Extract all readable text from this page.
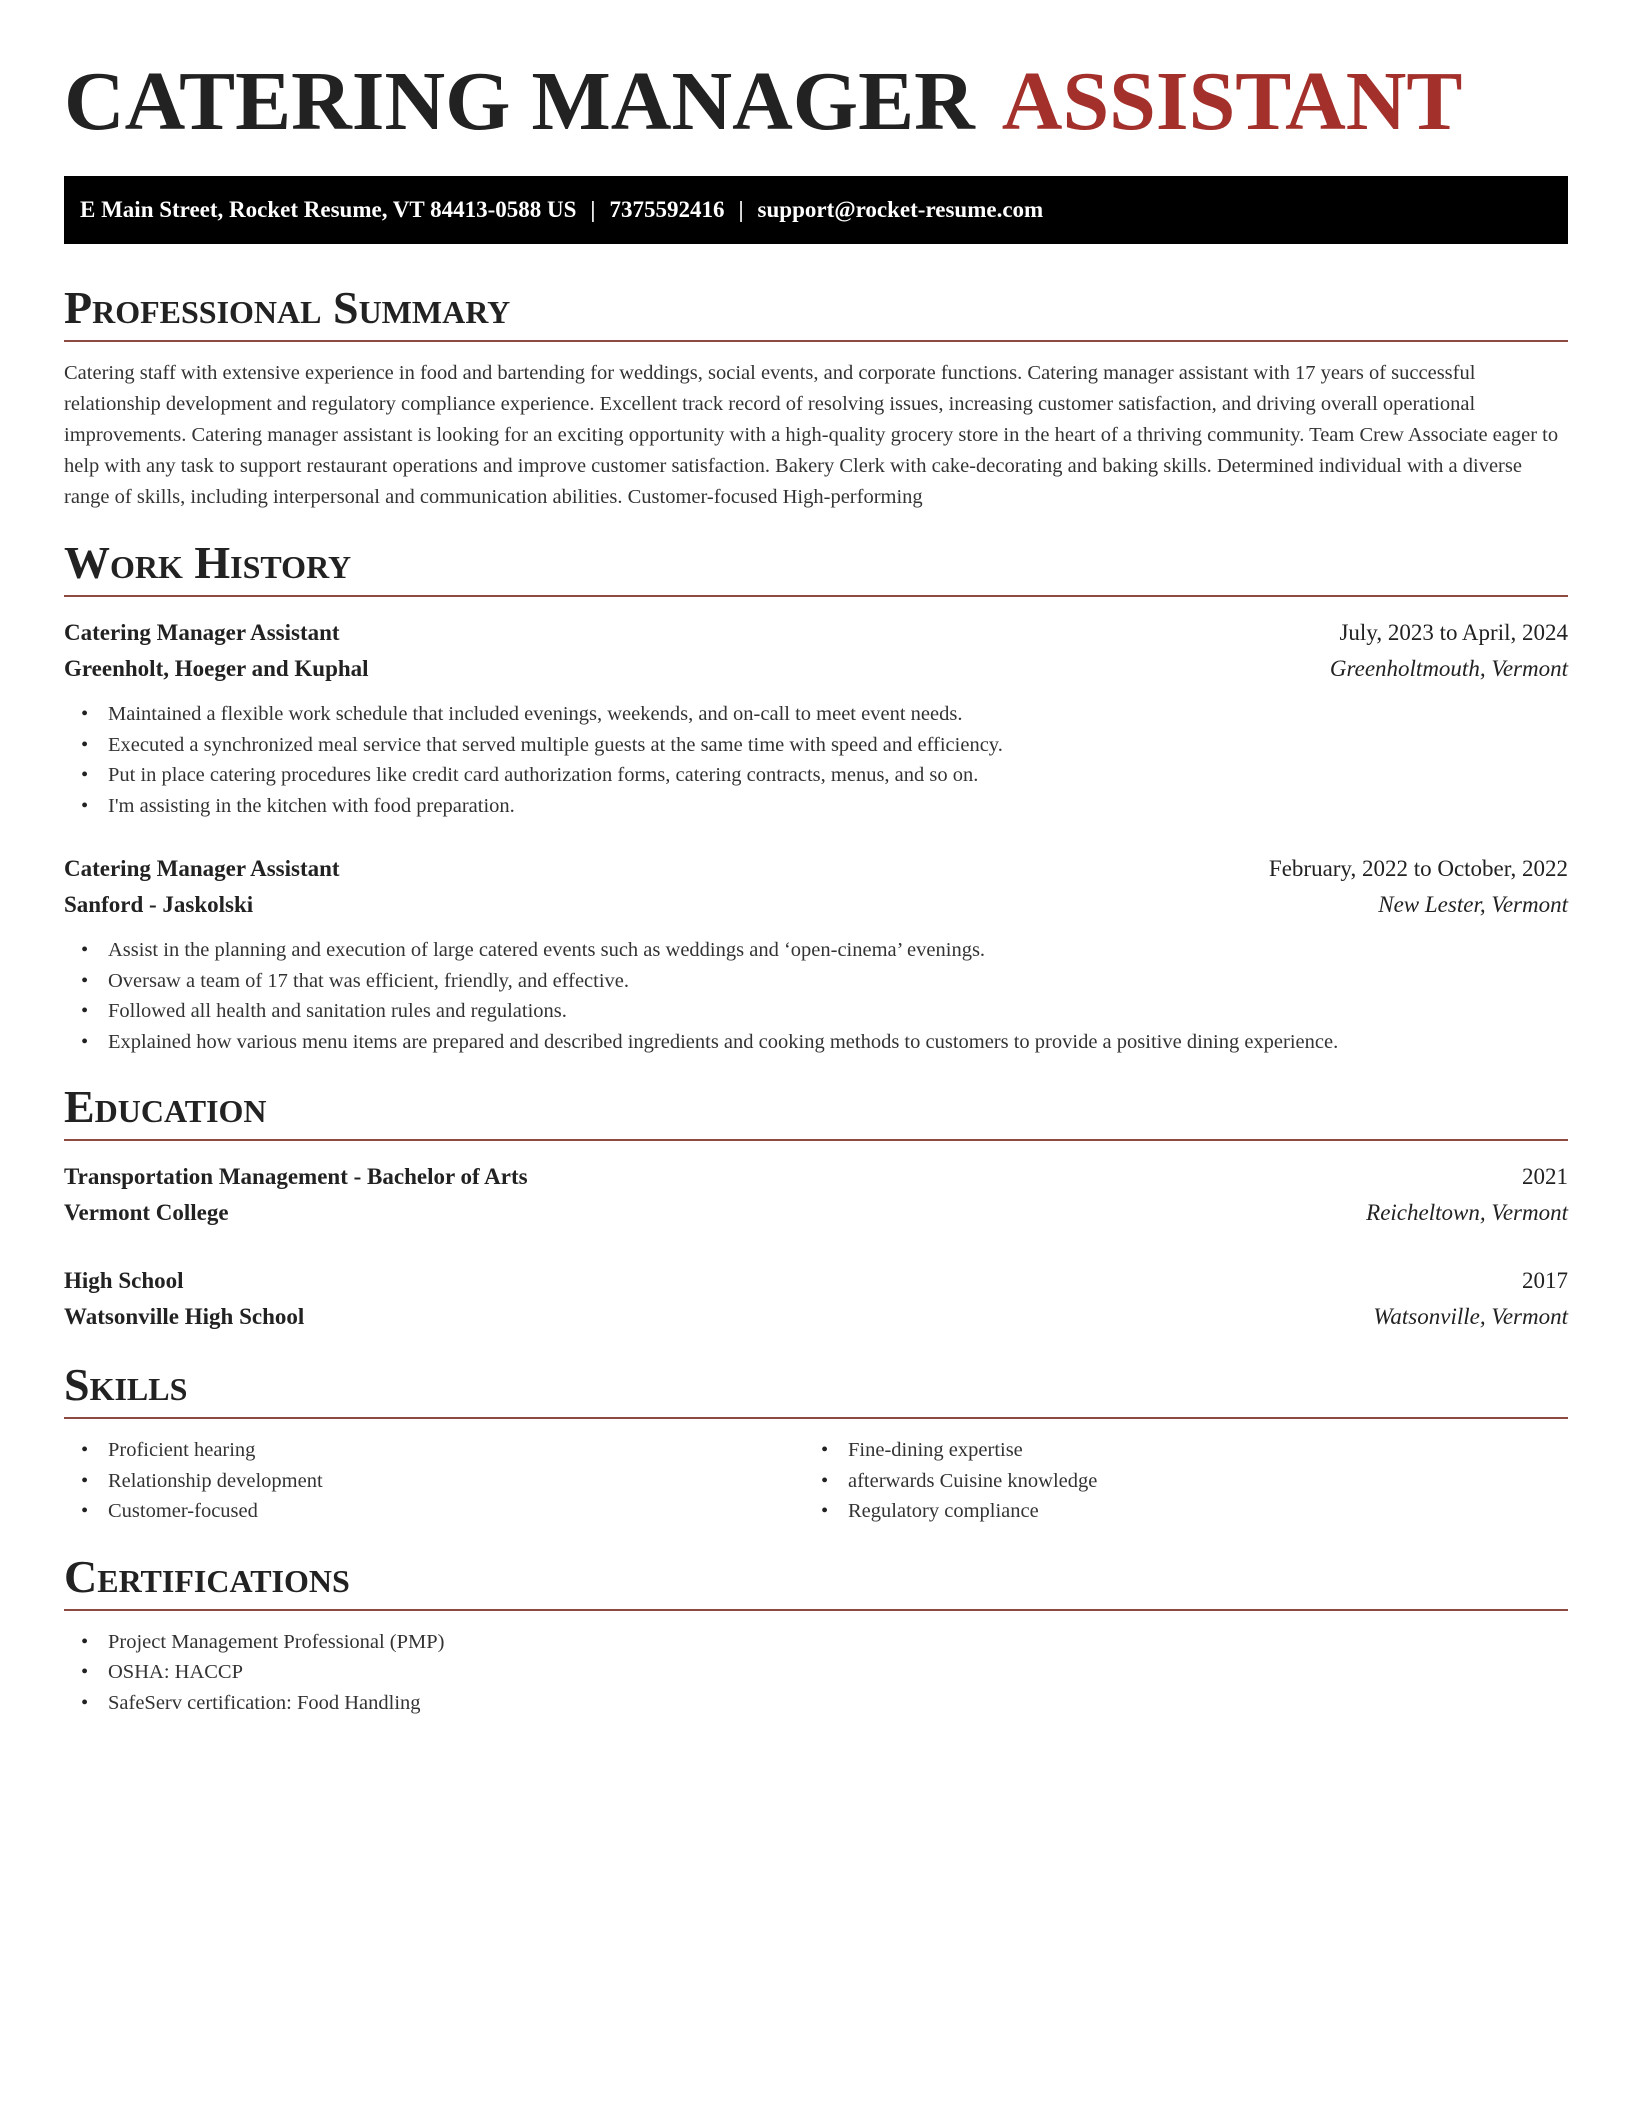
CATERING MANAGER ASSISTANT
E Main Street, Rocket Resume, VT 84413-0588 US | 7375592416 | support@rocket-resume.com
Professional Summary
Catering staff with extensive experience in food and bartending for weddings, social events, and corporate functions. Catering manager assistant with 17 years of successful relationship development and regulatory compliance experience. Excellent track record of resolving issues, increasing customer satisfaction, and driving overall operational improvements. Catering manager assistant is looking for an exciting opportunity with a high-quality grocery store in the heart of a thriving community. Team Crew Associate eager to help with any task to support restaurant operations and improve customer satisfaction. Bakery Clerk with cake-decorating and baking skills. Determined individual with a diverse range of skills, including interpersonal and communication abilities. Customer-focused High-performing
Work History
Catering Manager Assistant	July, 2023 to April, 2024
Greenholt, Hoeger and Kuphal	Greenholtmouth, Vermont
• Maintained a flexible work schedule that included evenings, weekends, and on-call to meet event needs.
• Executed a synchronized meal service that served multiple guests at the same time with speed and efficiency.
• Put in place catering procedures like credit card authorization forms, catering contracts, menus, and so on.
• I'm assisting in the kitchen with food preparation.
Catering Manager Assistant	February, 2022 to October, 2022
Sanford - Jaskolski	New Lester, Vermont
• Assist in the planning and execution of large catered events such as weddings and ‘open-cinema’ evenings.
• Oversaw a team of 17 that was efficient, friendly, and effective.
• Followed all health and sanitation rules and regulations.
• Explained how various menu items are prepared and described ingredients and cooking methods to customers to provide a positive dining experience.
Education
Transportation Management - Bachelor of Arts	2021
Vermont College	Reicheltown, Vermont
High School	2017
Watsonville High School	Watsonville, Vermont
Skills
• Proficient hearing
• Relationship development
• Customer-focused
• Fine-dining expertise
• afterwards Cuisine knowledge
• Regulatory compliance
Certifications
• Project Management Professional (PMP)
• OSHA: HACCP
• SafeServ certification: Food Handling
